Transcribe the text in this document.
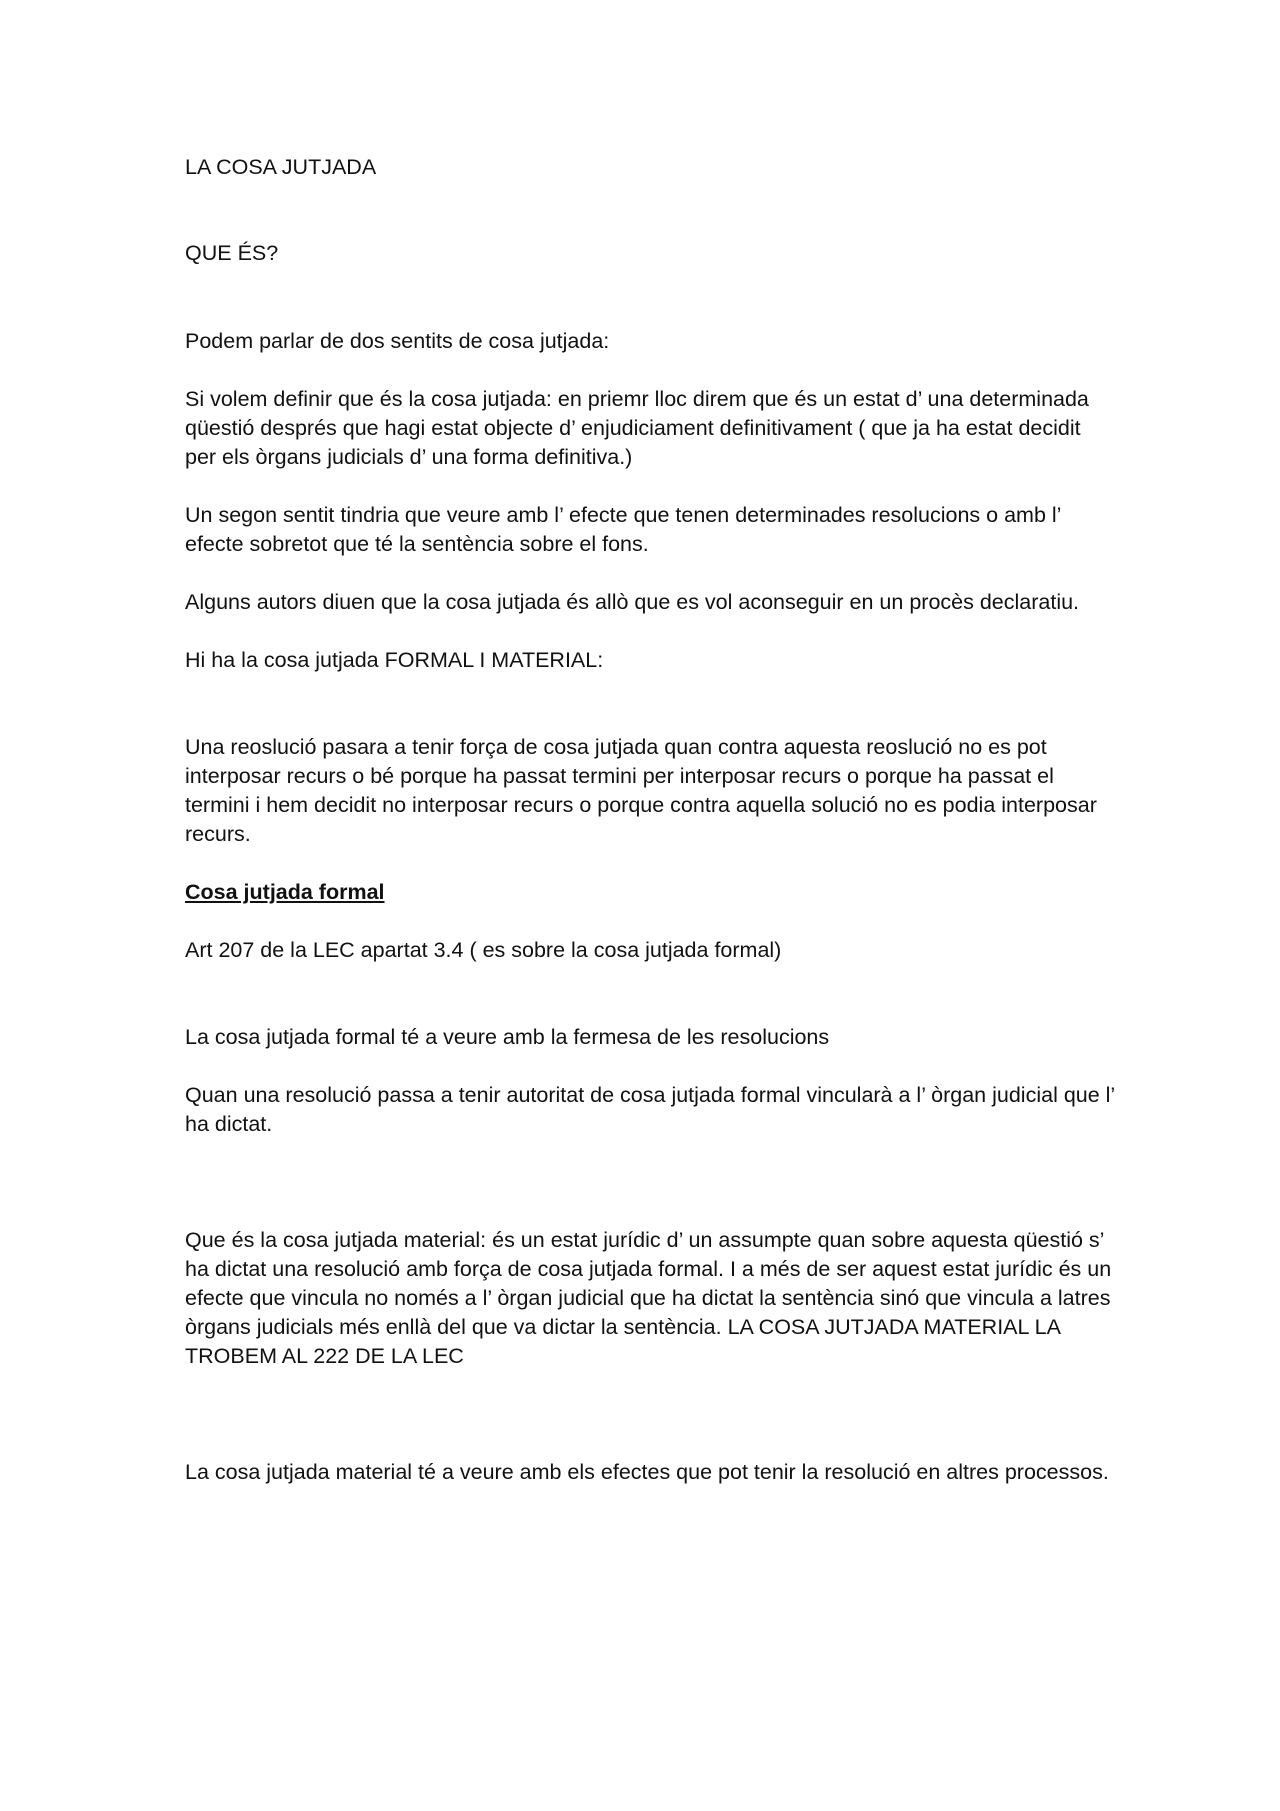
LA COSA JUTJADA

QUE ÉS?

Podem parlar de dos sentits de cosa jutjada:

Si volem definir que és la cosa jutjada: en priemr lloc direm que és un estat d’ una determinada qüestió després que hagi estat objecte d’ enjudiciament definitivament ( que ja ha estat decidit per els òrgans judicials d’ una forma definitiva.)

Un segon sentit tindria que veure amb l’ efecte que tenen determinades resolucions o amb l’ efecte sobretot que té la sentència sobre el fons.

Alguns autors diuen que la cosa jutjada és allò que es vol aconseguir en un procès declaratiu.

Hi ha la cosa jutjada FORMAL I MATERIAL:

Una reoslució pasara a tenir força de cosa jutjada quan contra aquesta reoslució no es pot interposar recurs o bé porque ha passat termini per interposar recurs o porque ha passat el termini i hem decidit no interposar recurs o porque contra aquella solució no es podia interposar recurs.

Cosa jutjada formal

Art 207 de la LEC apartat 3.4 ( es sobre la cosa jutjada formal)

La cosa jutjada formal té a veure amb la fermesa de les resolucions

Quan una resolució passa a tenir autoritat de cosa jutjada formal vincularà a l’ òrgan judicial que l’ ha dictat.

Que és la cosa jutjada material: és un estat jurídic d’ un assumpte quan sobre aquesta qüestió s’ ha dictat una resolució amb força de cosa jutjada formal. I a més de ser aquest estat jurídic és un efecte que vincula no només a l’ òrgan judicial que ha dictat la sentència sinó que vincula a latres òrgans judicials més enllà del que va dictar la sentència. LA COSA JUTJADA MATERIAL LA TROBEM AL 222 DE LA LEC

La cosa jutjada material té a veure amb els efectes que pot tenir la resolució en altres processos.
